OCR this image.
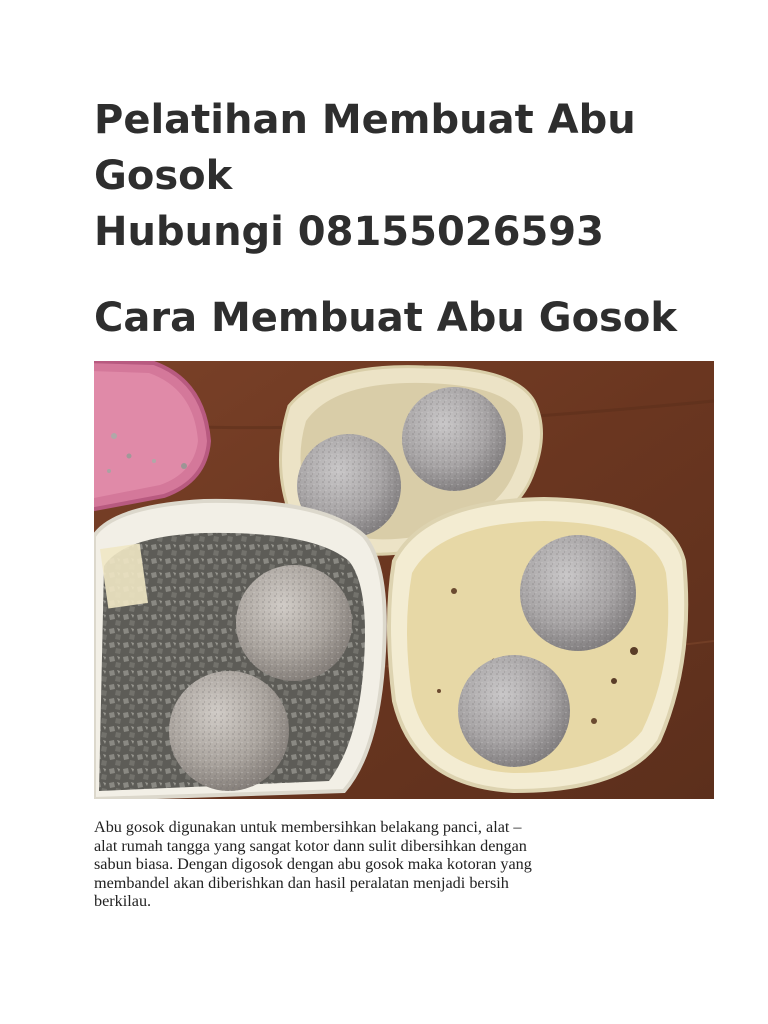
Pelatihan Membuat Abu
Gosok
Hubungi 08155026593
Cara Membuat Abu Gosok
Abu gosok digunakan untuk membersihkan belakang panci, alat –
alat rumah tangga yang sangat kotor dann sulit dibersihkan dengan
sabun biasa. Dengan digosok dengan abu gosok maka kotoran yang
membandel akan diberishkan dan hasil peralatan menjadi bersih
berkilau.
